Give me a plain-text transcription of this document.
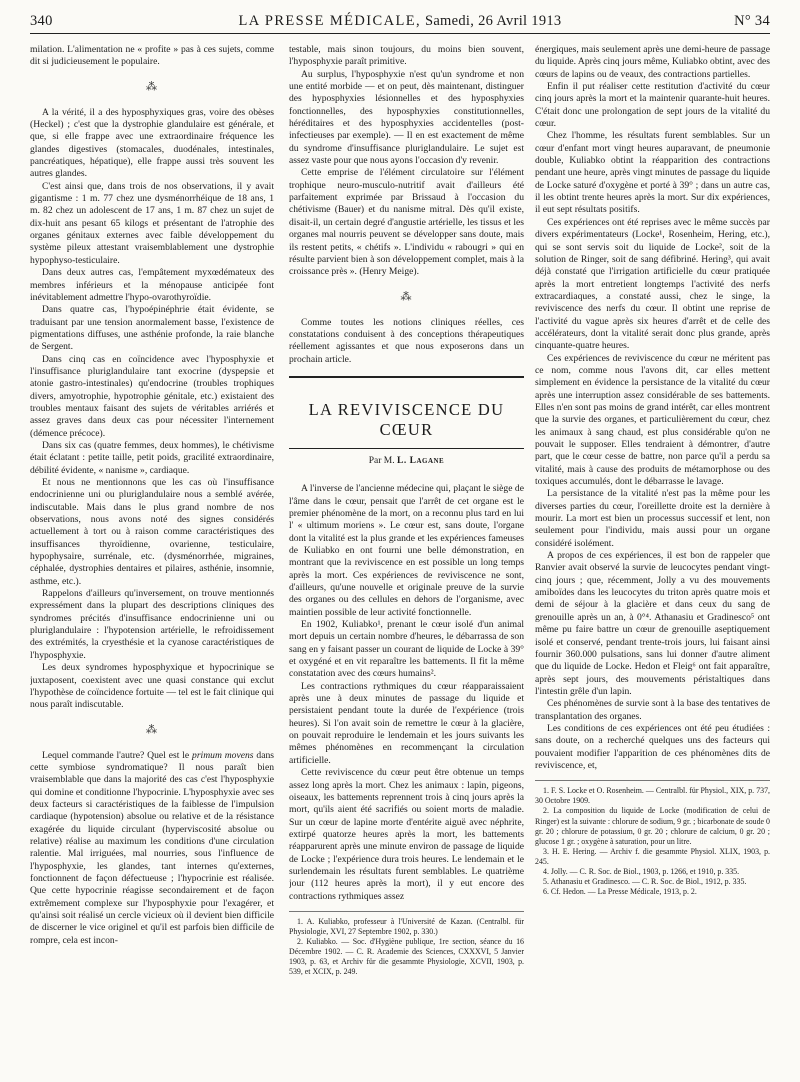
340	LA PRESSE MÉDICALE, Samedi, 26 Avril 1913	N° 34

milation. L'alimentation ne « profite » pas à ces sujets, comme dit si judicieusement le populaire.

⁂

A la vérité, il a des hyposphyxiques gras, voire des obèses (Heckel) ; c'est que la dystrophie glandulaire est générale, et que, si elle frappe avec une extraordinaire fréquence les glandes digestives (stomacales, duodénales, intestinales, pancréatiques, hépatique), elle frappe aussi très souvent les autres glandes.

C'est ainsi que, dans trois de nos observations, il y avait gigantisme : 1 m. 77 chez une dysménorrhéique de 18 ans, 1 m. 82 chez un adolescent de 17 ans, 1 m. 87 chez un sujet de dix-huit ans pesant 65 kilogs et présentant de l'atrophie des organes génitaux externes avec faible développement du système pileux attestant vraisemblablement une dystrophie hypophyso-testiculaire.

Dans deux autres cas, l'empâtement myxœdémateux des membres inférieurs et la ménopause anticipée font inévitablement admettre l'hypo-ovarothyroïdie.

Dans quatre cas, l'hypoépinéphrie était évidente, se traduisant par une tension anormalement basse, l'existence de pigmentations diffuses, une asthénie profonde, la raie blanche de Sergent.

Dans cinq cas en coïncidence avec l'hyposphyxie et l'insuffisance pluriglandulaire tant exocrine (dyspepsie et atonie gastro-intestinales) qu'endocrine (troubles trophiques divers, amyotrophie, hypotrophie génitale, etc.) existaient des troubles mentaux faisant des sujets de véritables arriérés et assez graves dans deux cas pour nécessiter l'internement (démence précoce).

Dans six cas (quatre femmes, deux hommes), le chétivisme était éclatant : petite taille, petit poids, gracilité extraordinaire, débilité évidente, « nanisme », cardiaque.

Et nous ne mentionnons que les cas où l'insuffisance endocrinienne uni ou pluriglandulaire nous a semblé avérée, indiscutable. Mais dans le plus grand nombre de nos observations, nous avons noté des signes considérés actuellement à tort ou à raison comme caractéristiques des insuffisances thyroïdienne, ovarienne, testiculaire, hypophysaire, surrénale, etc. (dysménorrhée, migraines, céphalée, dystrophies dentaires et pilaires, asthénie, insomnie, asthme, etc.).

Rappelons d'ailleurs qu'inversement, on trouve mentionnés expressément dans la plupart des descriptions cliniques des syndromes précités d'insuffisance endocrinienne uni ou pluriglandulaire : l'hypotension artérielle, le refroidissement des extrémités, la cryesthésie et la cyanose caractéristiques de l'hyposphyxie.

Les deux syndromes hyposphyxique et hypocrinique se juxtaposent, coexistent avec une quasi constance qui exclut l'hypothèse de coïncidence fortuite — tel est le fait clinique qui nous paraît indiscutable.

⁂

Lequel commande l'autre? Quel est le primum movens dans cette symbiose syndromatique? Il nous paraît bien vraisemblable que dans la majorité des cas c'est l'hyposphyxie qui domine et conditionne l'hypocrinie. L'hyposphyxie avec ses deux facteurs si caractéristiques de la faiblesse de l'impulsion cardiaque (hypotension) absolue ou relative et de la résistance exagérée du liquide circulant (hyperviscosité absolue ou relative) réalise au maximum les conditions d'une circulation ralentie. Mal irriguées, mal nourries, sous l'influence de l'hyposphyxie, les glandes, tant internes qu'externes, fonctionnent de façon défectueuse ; l'hypocrinie est réalisée. Que cette hypocrinie réagisse secondairement et de façon extrêmement complexe sur l'hyposphyxie pour l'exagérer, et qu'ainsi soit réalisé un cercle vicieux où il devient bien difficile de discerner le vice originel et qu'il est parfois bien difficile de rompre, cela est incon-

testable, mais sinon toujours, du moins bien souvent, l'hyposphyxie paraît primitive.

Au surplus, l'hyposphyxie n'est qu'un syndrome et non une entité morbide — et on peut, dès maintenant, distinguer des hyposphyxies lésionnelles et des hyposphyxies fonctionnelles, des hyposphyxies constitutionnelles, héréditaires et des hyposphyxies accidentelles (post-infectieuses par exemple). — Il en est exactement de même du syndrome d'insuffisance pluriglandulaire. Le sujet est assez vaste pour que nous ayons l'occasion d'y revenir.

Cette emprise de l'élément circulatoire sur l'élément trophique neuro-musculo-nutritif avait d'ailleurs été parfaitement exprimée par Brissaud à l'occasion du chétivisme (Bauer) et du nanisme mitral. Dès qu'il existe, disait-il, un certain degré d'angustie artérielle, les tissus et les organes mal nourris peuvent se développer sans doute, mais ils restent petits, « chétifs ». L'individu « rabougri » qui en résulte parvient bien à son développement complet, mais à la croissance près ». (Henry Meige).

⁂

Comme toutes les notions cliniques réelles, ces constatations conduisent à des conceptions thérapeutiques réellement agissantes et que nous exposerons dans un prochain article.

LA REVIVISCENCE DU CŒUR
Par M. L. Lagane

A l'inverse de l'ancienne médecine qui, plaçant le siège de l'âme dans le cœur, pensait que l'arrêt de cet organe est le premier phénomène de la mort, on a reconnu plus tard en lui l' « ultimum moriens ». Le cœur est, sans doute, l'organe dont la vitalité est la plus grande et les expériences fameuses de Kuliabko en ont fourni une belle démonstration, en montrant que la reviviscence en est possible un long temps après la mort. Ces expériences de reviviscence ne sont, d'ailleurs, qu'une nouvelle et originale preuve de la survie des organes ou des cellules en dehors de l'organisme, avec maintien possible de leur activité fonctionnelle.

En 1902, Kuliabko¹, prenant le cœur isolé d'un animal mort depuis un certain nombre d'heures, le débarrassa de son sang en y faisant passer un courant de liquide de Locke à 39° et oxygéné et en vit reparaître les battements. Il fit la même constatation avec des cœurs humains².

Les contractions rythmiques du cœur réapparaissaient après une à deux minutes de passage du liquide et persistaient pendant toute la durée de l'expérience (trois heures). Si l'on avait soin de remettre le cœur à la glacière, on pouvait reproduire le lendemain et les jours suivants les mêmes phénomènes en recommençant la circulation artificielle.

Cette reviviscence du cœur peut être obtenue un temps assez long après la mort. Chez les animaux : lapin, pigeons, oiseaux, les battements reprennent trois à cinq jours après la mort, qu'ils aient été sacrifiés ou soient morts de maladie. Sur un cœur de lapine morte d'entérite aiguë avec néphrite, extirpé quatorze heures après la mort, les battements réapparurent après une minute environ de passage de liquide de Locke ; l'expérience dura trois heures. Le lendemain et le surlendemain les résultats furent semblables. Le quatrième jour (112 heures après la mort), il y eut encore des contractions rythmiques assez

1. A. Kuliabko, professeur à l'Université de Kazan. (Centralbl. für Physiologie, XVI, 27 Septembre 1902, p. 330.)

2. Kuliabko. — Soc. d'Hygiène publique, 1re section, séance du 16 Décembre 1902. — C. R. Academie des Sciences, CXXXVI, 5 Janvier 1903, p. 63, et Archiv für die gesammte Physiologie, XCVII, 1903, p. 539, et XCIX, p. 249.

énergiques, mais seulement après une demi-heure de passage du liquide. Après cinq jours même, Kuliabko obtint, avec des cœurs de lapins ou de veaux, des contractions partielles.

Enfin il put réaliser cette restitution d'activité du cœur cinq jours après la mort et la maintenir quarante-huit heures. C'était donc une prolongation de sept jours de la vitalité du cœur.

Chez l'homme, les résultats furent semblables. Sur un cœur d'enfant mort vingt heures auparavant, de pneumonie double, Kuliabko obtint la réapparition des contractions pendant une heure, après vingt minutes de passage du liquide de Locke saturé d'oxygène et porté à 39° ; dans un autre cas, il les obtint trente heures après la mort. Sur dix expériences, il eut sept résultats positifs.

Ces expériences ont été reprises avec le même succès par divers expérimentateurs (Locke¹, Rosenheim, Hering, etc.), qui se sont servis soit du liquide de Locke², soit de la solution de Ringer, soit de sang défibriné. Hering³, qui avait déjà constaté que l'irrigation artificielle du cœur pratiquée après la mort entretient longtemps l'activité des nerfs extracardiaques, a constaté aussi, chez le singe, la reviviscence des nerfs du cœur. Il obtint une reprise de l'activité du vague après six heures d'arrêt et de celle des accélérateurs, dont la vitalité serait donc plus grande, après cinquante-quatre heures.

Ces expériences de reviviscence du cœur ne méritent pas ce nom, comme nous l'avons dit, car elles mettent simplement en évidence la persistance de la vitalité du cœur après une interruption assez considérable de ses battements. Elles n'en sont pas moins de grand intérêt, car elles montrent que la survie des organes, et particulièrement du cœur, chez les animaux à sang chaud, est plus considérable qu'on ne pouvait le supposer. Elles tendraient à démontrer, d'autre part, que le cœur cesse de battre, non parce qu'il a perdu sa vitalité, mais à cause des produits de métamorphose ou des toxiques accumulés, dont le débarrasse le lavage.

La persistance de la vitalité n'est pas la même pour les diverses parties du cœur, l'oreillette droite est la dernière à mourir. La mort est bien un processus successif et lent, non seulement pour l'individu, mais aussi pour un organe considéré isolément.

A propos de ces expériences, il est bon de rappeler que Ranvier avait observé la survie de leucocytes pendant vingt-cinq jours ; que, récemment, Jolly a vu des mouvements amiboïdes dans les leucocytes du triton après quatre mois et demi de séjour à la glacière et dans ceux du sang de grenouille après un an, à 0°⁴. Athanasiu et Gradinesco⁵ ont même pu faire battre un cœur de grenouille aseptiquement isolé et conservé, pendant trente-trois jours, lui faisant ainsi fournir 360.000 pulsations, sans lui donner d'autre aliment que du liquide de Locke. Hedon et Fleig⁶ ont fait apparaître, après sept jours, des mouvements péristaltiques dans l'intestin grêle d'un lapin.

Ces phénomènes de survie sont à la base des tentatives de transplantation des organes.

Les conditions de ces expériences ont été peu étudiées : sans doute, on a recherché quelques uns des facteurs qui pouvaient modifier l'apparition de ces phénomènes dits de reviviscence, et,

1. F. S. Locke et O. Rosenheim. — Centralbl. für Physiol., XIX, p. 737, 30 Octobre 1909.

2. La composition du liquide de Locke (modification de celui de Ringer) est la suivante : chlorure de sodium, 9 gr. ; bicarbonate de soude 0 gr. 20 ; chlorure de potassium, 0 gr. 20 ; chlorure de calcium, 0 gr. 20 ; glucose 1 gr. ; oxygène à saturation, pour un litre.

3. H. E. Hering. — Archiv f. die gesammte Physiol. XLIX, 1903, p. 245.

4. Jolly. — C. R. Soc. de Biol., 1903, p. 1266, et 1910, p. 335.

5. Athanasiu et Gradinesco. — C. R. Soc. de Biol., 1912, p. 335.

6. Cf. Hedon. — La Presse Médicale, 1913, p. 2.
